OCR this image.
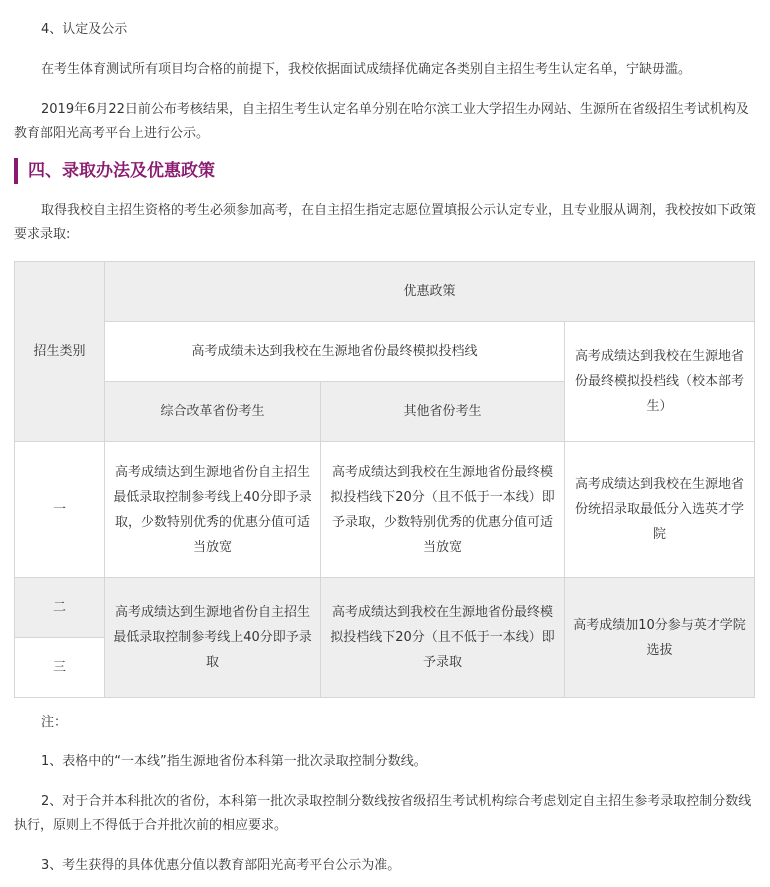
4、认定及公示

在考生体育测试所有项目均合格的前提下，我校依据面试成绩择优确定各类别自主招生考生认定名单，宁缺毋滥。

2019年6月22日前公布考核结果，自主招生考生认定名单分别在哈尔滨工业大学招生办网站、生源所在省级招生考试机构及教育部阳光高考平台上进行公示。

四、录取办法及优惠政策

取得我校自主招生资格的考生必须参加高考，在自主招生指定志愿位置填报公示认定专业，且专业服从调剂，我校按如下政策要求录取:

招生类别	优惠政策		
	高考成绩未达到我校在生源地省份最终模拟投档线		高考成绩达到我校在生源地省份最终模拟投档线（校本部考生）
	综合改革省份考生	其他省份考生	
一	高考成绩达到生源地省份自主招生最低录取控制参考线上40分即予录取，少数特别优秀的优惠分值可适当放宽	高考成绩达到我校在生源地省份最终模拟投档线下20分（且不低于一本线）即予录取，少数特别优秀的优惠分值可适当放宽	高考成绩达到我校在生源地省份统招录取最低分入选英才学院
二	高考成绩达到生源地省份自主招生最低录取控制参考线上40分即予录取	高考成绩达到我校在生源地省份最终模拟投档线下20分（且不低于一本线）即予录取	高考成绩加10分参与英才学院选拔
三			

注：

1、表格中的“一本线”指生源地省份本科第一批次录取控制分数线。

2、对于合并本科批次的省份，本科第一批次录取控制分数线按省级招生考试机构综合考虑划定自主招生参考录取控制分数线执行，原则上不得低于合并批次前的相应要求。

3、考生获得的具体优惠分值以教育部阳光高考平台公示为准。
